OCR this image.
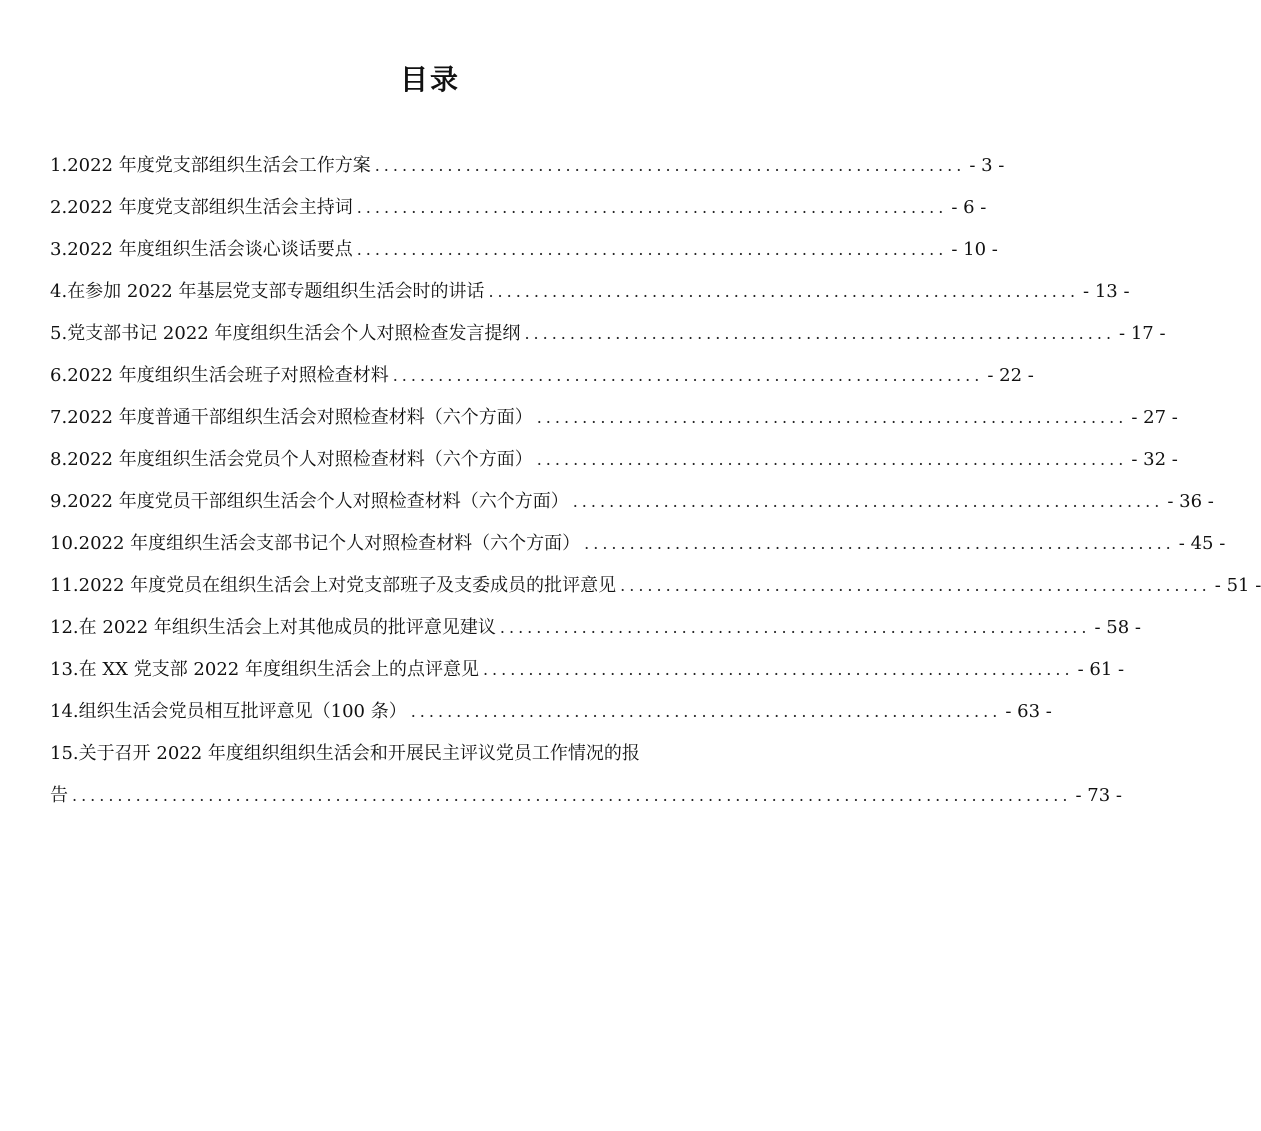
目录
1.2022 年度党支部组织生活会工作方案 ................................................................. - 3 -
2.2022 年度党支部组织生活会主持词 ................................................................. - 6 -
3.2022 年度组织生活会谈心谈话要点 ................................................................. - 10 -
4.在参加 2022 年基层党支部专题组织生活会时的讲话 ................................................................. - 13 -
5.党支部书记 2022 年度组织生活会个人对照检查发言提纲 ................................................................. - 17 -
6.2022 年度组织生活会班子对照检查材料 ................................................................. - 22 -
7.2022 年度普通干部组织生活会对照检查材料（六个方面） ................................................................. - 27 -
8.2022 年度组织生活会党员个人对照检查材料（六个方面） ................................................................. - 32 -
9.2022 年度党员干部组织生活会个人对照检查材料（六个方面） ................................................................. - 36 -
10.2022 年度组织生活会支部书记个人对照检查材料（六个方面） ................................................................. - 45 -
11.2022 年度党员在组织生活会上对党支部班子及支委成员的批评意见 ................................................................. - 51 -
12.在 2022 年组织生活会上对其他成员的批评意见建议 ................................................................. - 58 -
13.在 XX 党支部 2022 年度组织生活会上的点评意见 ................................................................. - 61 -
14.组织生活会党员相互批评意见（100 条） ................................................................. - 63 -
15.关于召开 2022 年度组织组织生活会和开展民主评议党员工作情况的报
告 .............................................................................................................. - 73 -
